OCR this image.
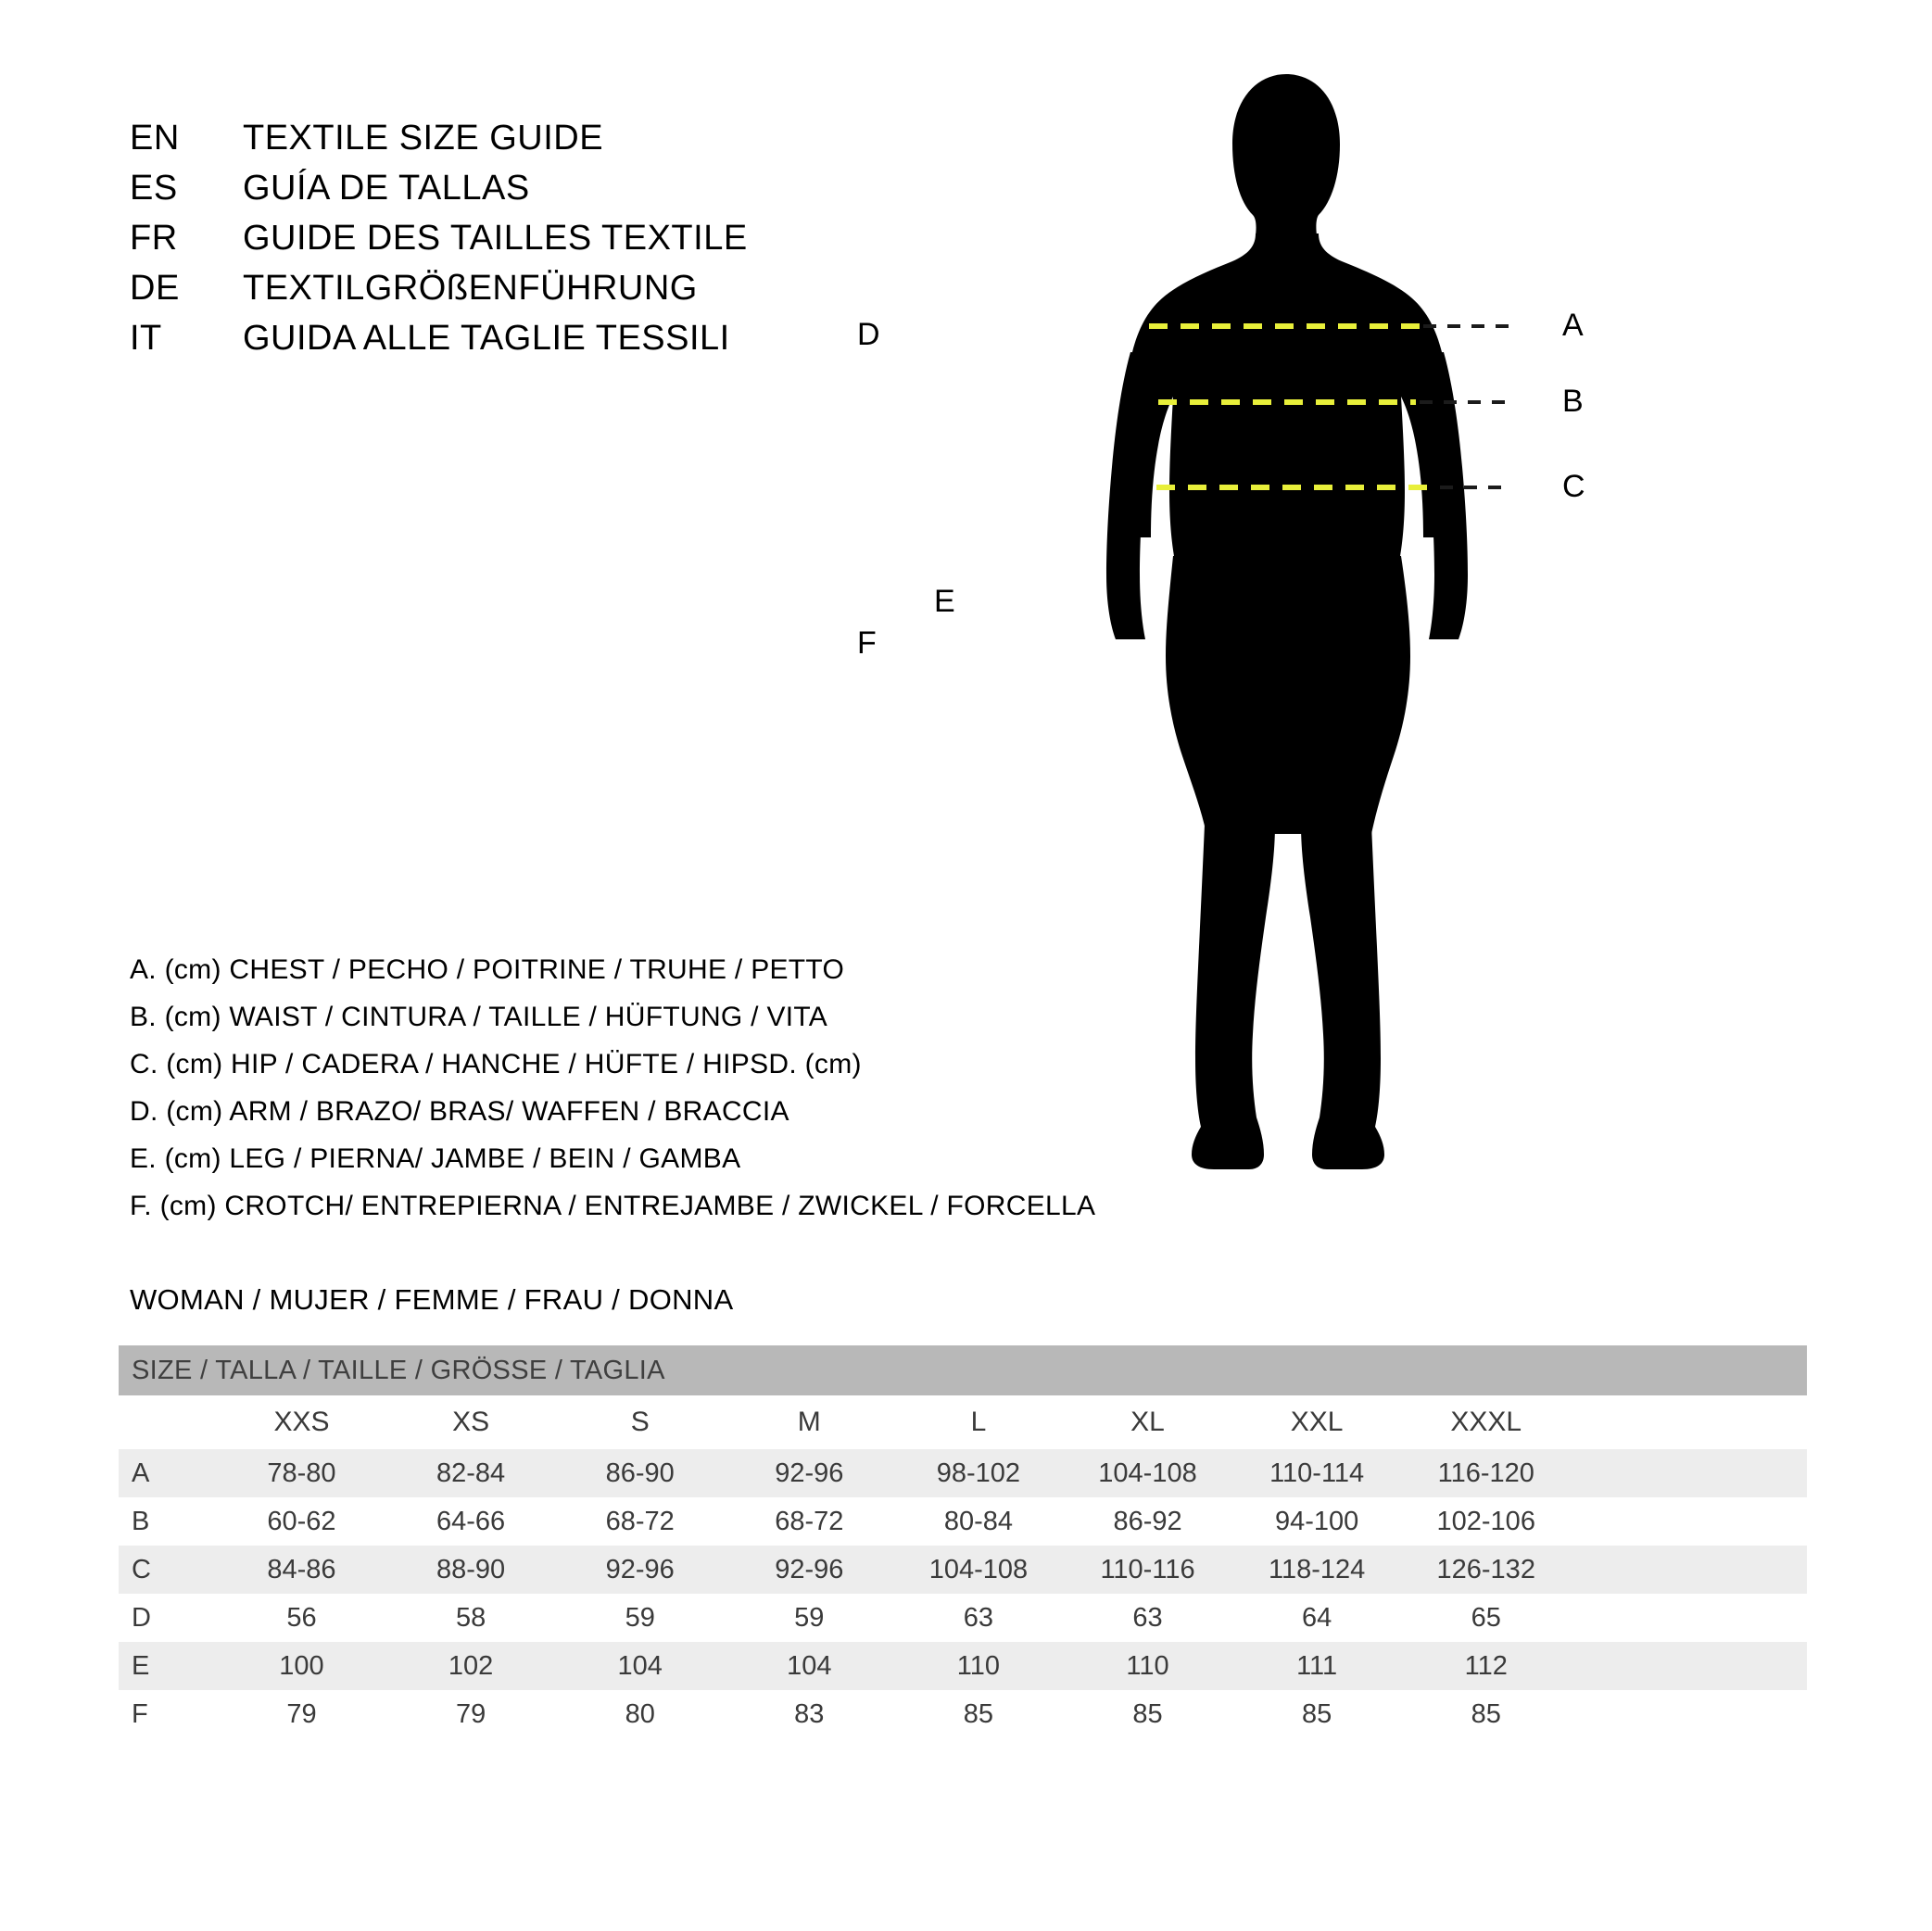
EN	TEXTILE SIZE GUIDE
ES	GUÍA DE TALLAS
FR	GUIDE DES TAILLES TEXTILE
DE	TEXTILGRÖßENFÜHRUNG
IT	GUIDA ALLE TAGLIE TESSILI
A. (cm) CHEST / PECHO / POITRINE / TRUHE / PETTO
B. (cm) WAIST / CINTURA / TAILLE / HÜFTUNG / VITA
C. (cm) HIP / CADERA / HANCHE / HÜFTE / HIPSD. (cm)
D. (cm) ARM / BRAZO/ BRAS/ WAFFEN / BRACCIA
E. (cm) LEG / PIERNA/ JAMBE / BEIN / GAMBA
F. (cm) CROTCH/ ENTREPIERNA / ENTREJAMBE / ZWICKEL / FORCELLA
WOMAN / MUJER / FEMME / FRAU / DONNA
A
B
C
D
E
F
SIZE / TALLA / TAILLE / GRÖSSE / TAGLIA									
	XXS	XS	S	M	L	XL	XXL	XXXL	
A	78-80	82-84	86-90	92-96	98-102	104-108	110-114	116-120	
B	60-62	64-66	68-72	68-72	80-84	86-92	94-100	102-106	
C	84-86	88-90	92-96	92-96	104-108	110-116	118-124	126-132	
D	56	58	59	59	63	63	64	65	
E	100	102	104	104	110	110	111	112	
F	79	79	80	83	85	85	85	85	
